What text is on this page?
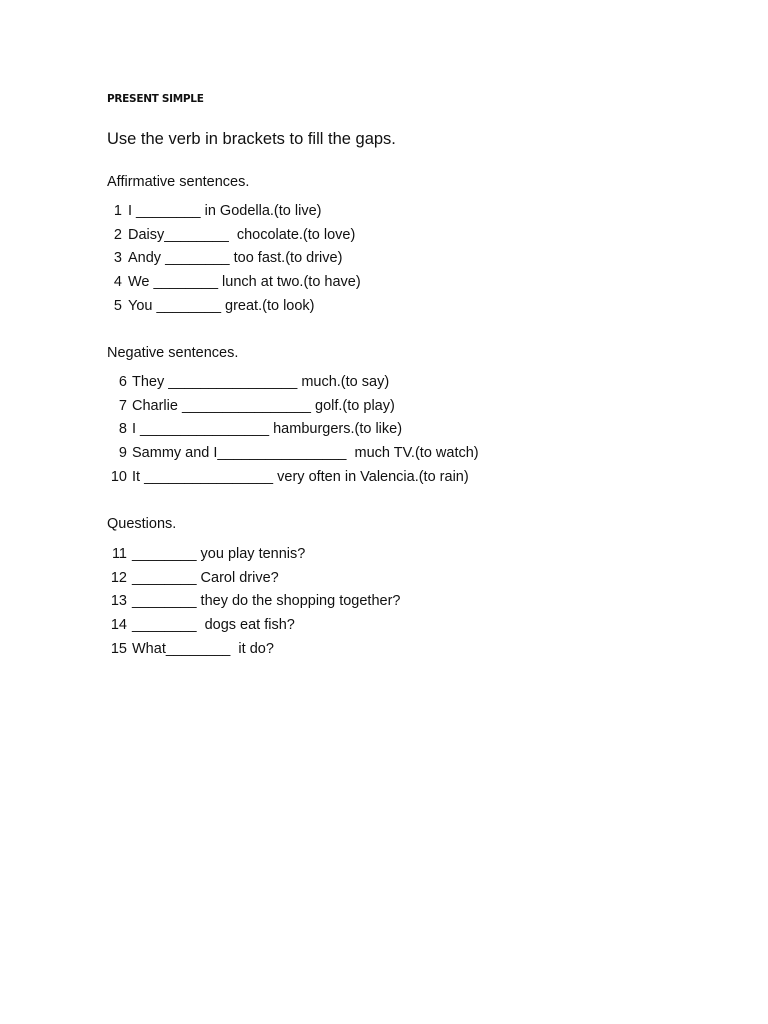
PRESENT SIMPLE

Use the verb in brackets to fill the gaps.

Affirmative sentences.

1 I ________ in Godella.(to live)
2 Daisy________  chocolate.(to love)
3 Andy ________ too fast.(to drive)
4 We ________ lunch at two.(to have)
5 You ________ great.(to look)

Negative sentences.

6 They ________________ much.(to say)
7 Charlie ________________ golf.(to play)
8 I ________________ hamburgers.(to like)
9 Sammy and I________________  much TV.(to watch)
10 It ________________ very often in Valencia.(to rain)

Questions.

11 ________ you play tennis?
12 ________ Carol drive?
13 ________ they do the shopping together?
14 ________  dogs eat fish?
15 What________  it do?
